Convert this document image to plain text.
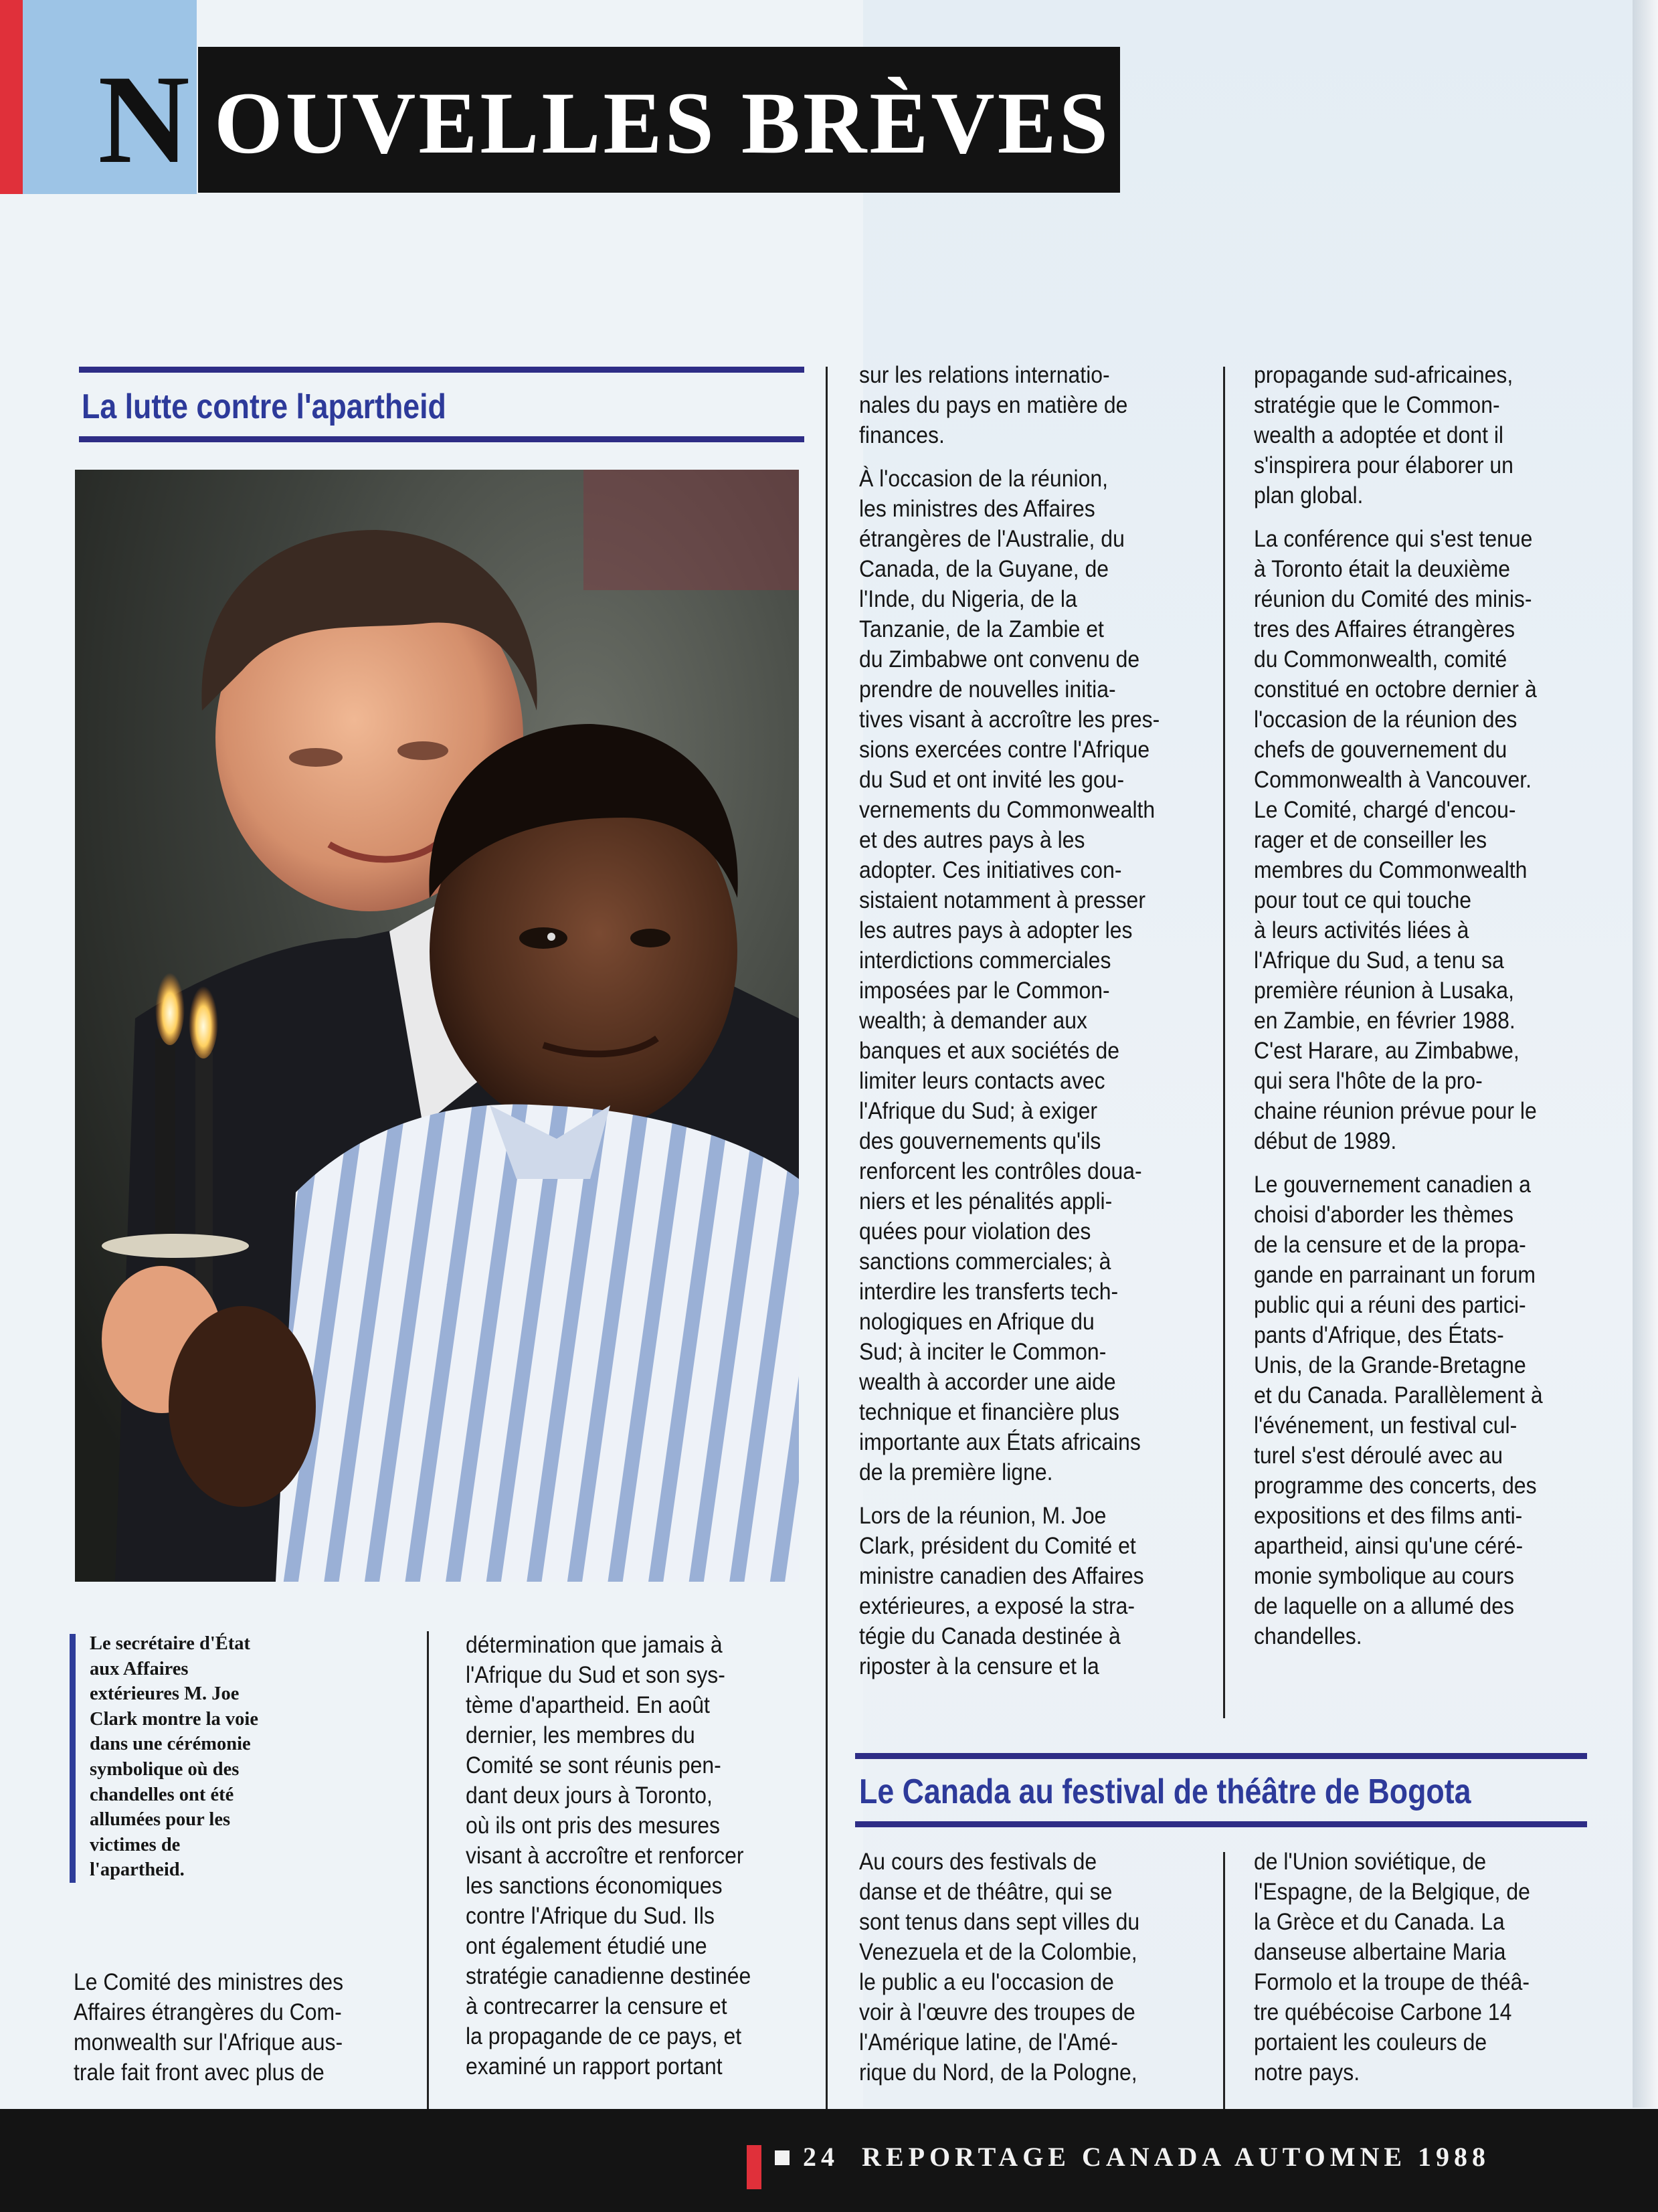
N OUVELLES BRÈVES
La lutte contre l'apartheid
Le secrétaire d'État
aux Affaires
extérieures M. Joe
Clark montre la voie
dans une cérémonie
symbolique où des
chandelles ont été
allumées pour les
victimes de
l'apartheid.

Le Comité des ministres des
Affaires étrangères du Com-
monwealth sur l'Afrique aus-
trale fait front avec plus de

détermination que jamais à
l'Afrique du Sud et son sys-
tème d'apartheid. En août
dernier, les membres du
Comité se sont réunis pen-
dant deux jours à Toronto,
où ils ont pris des mesures
visant à accroître et renforcer
les sanctions économiques
contre l'Afrique du Sud. Ils
ont également étudié une
stratégie canadienne destinée
à contrecarrer la censure et
la propagande de ce pays, et
examiné un rapport portant

sur les relations internatio-
nales du pays en matière de
finances.

À l'occasion de la réunion,
les ministres des Affaires
étrangères de l'Australie, du
Canada, de la Guyane, de
l'Inde, du Nigeria, de la
Tanzanie, de la Zambie et
du Zimbabwe ont convenu de
prendre de nouvelles initia-
tives visant à accroître les pres-
sions exercées contre l'Afrique
du Sud et ont invité les gou-
vernements du Commonwealth
et des autres pays à les
adopter. Ces initiatives con-
sistaient notamment à presser
les autres pays à adopter les
interdictions commerciales
imposées par le Common-
wealth; à demander aux
banques et aux sociétés de
limiter leurs contacts avec
l'Afrique du Sud; à exiger
des gouvernements qu'ils
renforcent les contrôles doua-
niers et les pénalités appli-
quées pour violation des
sanctions commerciales; à
interdire les transferts tech-
nologiques en Afrique du
Sud; à inciter le Common-
wealth à accorder une aide
technique et financière plus
importante aux États africains
de la première ligne.

Lors de la réunion, M. Joe
Clark, président du Comité et
ministre canadien des Affaires
extérieures, a exposé la stra-
tégie du Canada destinée à
riposter à la censure et la

propagande sud-africaines,
stratégie que le Common-
wealth a adoptée et dont il
s'inspirera pour élaborer un
plan global.

La conférence qui s'est tenue
à Toronto était la deuxième
réunion du Comité des minis-
tres des Affaires étrangères
du Commonwealth, comité
constitué en octobre dernier à
l'occasion de la réunion des
chefs de gouvernement du
Commonwealth à Vancouver.
Le Comité, chargé d'encou-
rager et de conseiller les
membres du Commonwealth
pour tout ce qui touche
à leurs activités liées à
l'Afrique du Sud, a tenu sa
première réunion à Lusaka,
en Zambie, en février 1988.
C'est Harare, au Zimbabwe,
qui sera l'hôte de la pro-
chaine réunion prévue pour le
début de 1989.

Le gouvernement canadien a
choisi d'aborder les thèmes
de la censure et de la propa-
gande en parrainant un forum
public qui a réuni des partici-
pants d'Afrique, des États-
Unis, de la Grande-Bretagne
et du Canada. Parallèlement à
l'événement, un festival cul-
turel s'est déroulé avec au
programme des concerts, des
expositions et des films anti-
apartheid, ainsi qu'une céré-
monie symbolique au cours
de laquelle on a allumé des
chandelles.

Le Canada au festival de théâtre de Bogota

Au cours des festivals de
danse et de théâtre, qui se
sont tenus dans sept villes du
Venezuela et de la Colombie,
le public a eu l'occasion de
voir à l'œuvre des troupes de
l'Amérique latine, de l'Amé-
rique du Nord, de la Pologne,

de l'Union soviétique, de
l'Espagne, de la Belgique, de
la Grèce et du Canada. La
danseuse albertaine Maria
Formolo et la troupe de théâ-
tre québécoise Carbone 14
portaient les couleurs de
notre pays.

24 REPORTAGE CANADA AUTOMNE 1988
